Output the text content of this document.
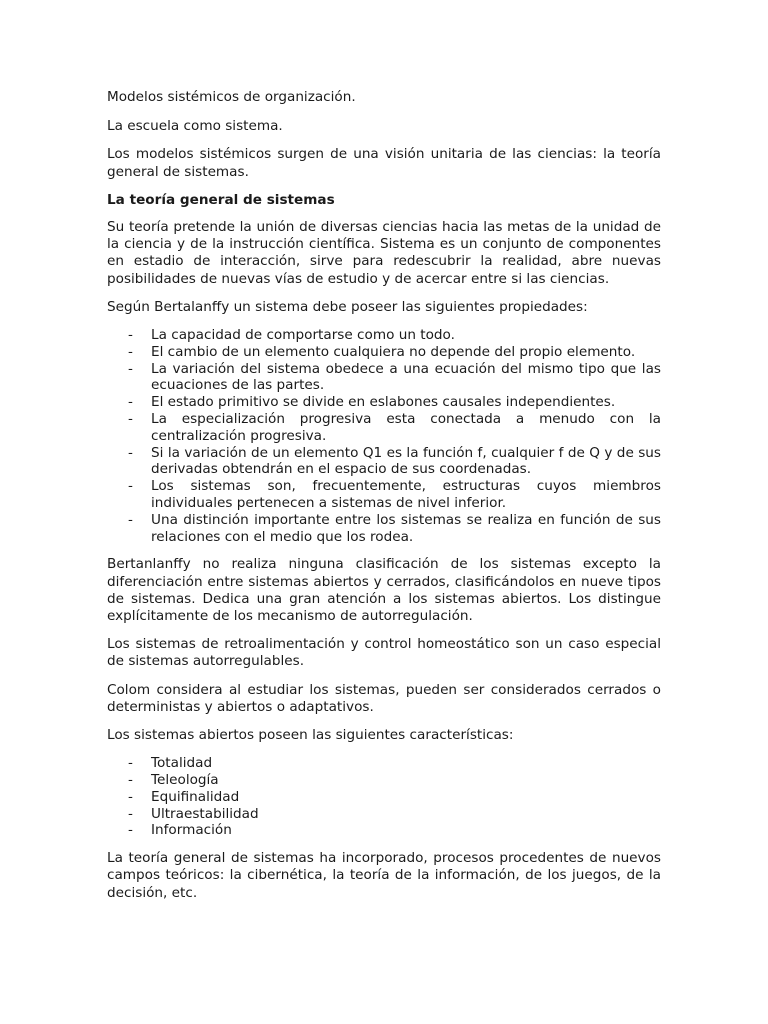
Modelos sistémicos de organización.

La escuela como sistema.

Los modelos sistémicos surgen de una visión unitaria de las ciencias: la teoría general de sistemas.

La teoría general de sistemas

Su teoría pretende la unión de diversas ciencias hacia las metas de la unidad de la ciencia y de la instrucción científica. Sistema es un conjunto de componentes en estadio de interacción, sirve para redescubrir la realidad, abre nuevas posibilidades de nuevas vías de estudio y de acercar entre si las ciencias.

Según Bertalanffy un sistema debe poseer las siguientes propiedades:

- La capacidad de comportarse como un todo.
- El cambio de un elemento cualquiera no depende del propio elemento.
- La variación del sistema obedece a una ecuación del mismo tipo que las ecuaciones de las partes.
- El estado primitivo se divide en eslabones causales independientes.
- La especialización progresiva esta conectada a menudo con la centralización progresiva.
- Si la variación de un elemento Q1 es la función f, cualquier f de Q y de sus derivadas obtendrán en el espacio de sus coordenadas.
- Los sistemas son, frecuentemente, estructuras cuyos miembros individuales pertenecen a sistemas de nivel inferior.
- Una distinción importante entre los sistemas se realiza en función de sus relaciones con el medio que los rodea.

Bertanlanffy no realiza ninguna clasificación de los sistemas excepto la diferenciación entre sistemas abiertos y cerrados, clasificándolos en nueve tipos de sistemas. Dedica una gran atención a los sistemas abiertos. Los distingue explícitamente de los mecanismo de autorregulación.

Los sistemas de retroalimentación y control homeostático son un caso especial de sistemas autorregulables.

Colom considera al estudiar los sistemas, pueden ser considerados cerrados o deterministas y abiertos o adaptativos.

Los sistemas abiertos poseen las siguientes características:

- Totalidad
- Teleología
- Equifinalidad
- Ultraestabilidad
- Información

La teoría general de sistemas ha incorporado, procesos procedentes de nuevos campos teóricos: la cibernética, la teoría de la información, de los juegos, de la decisión, etc.
